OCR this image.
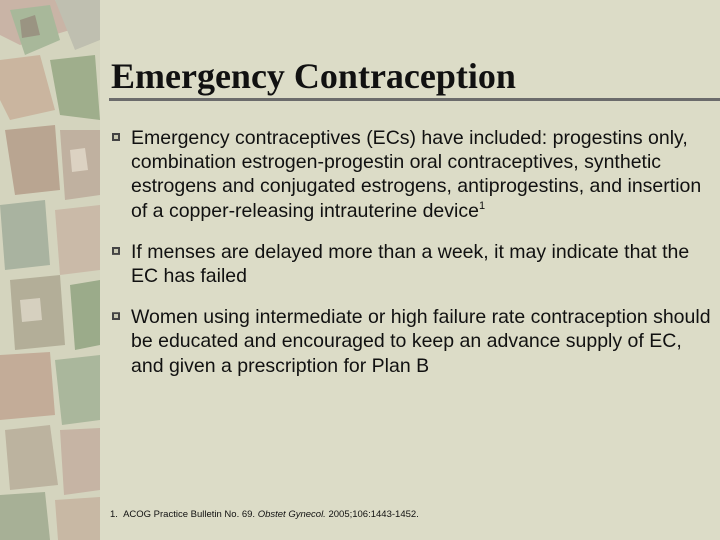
Emergency Contraception
Emergency contraceptives (ECs) have included: progestins only, combination estrogen-progestin oral contraceptives, synthetic estrogens and conjugated estrogens, antiprogestins, and insertion of a copper-releasing intrauterine device$^1$
If menses are delayed more than a week, it may indicate that the EC has failed
Women using intermediate or high failure rate contraception should be educated and encouraged to keep an advance supply of EC, and given a prescription for Plan B
1. ACOG Practice Bulletin No. 69. Obstet Gynecol. 2005;106:1443-1452.
